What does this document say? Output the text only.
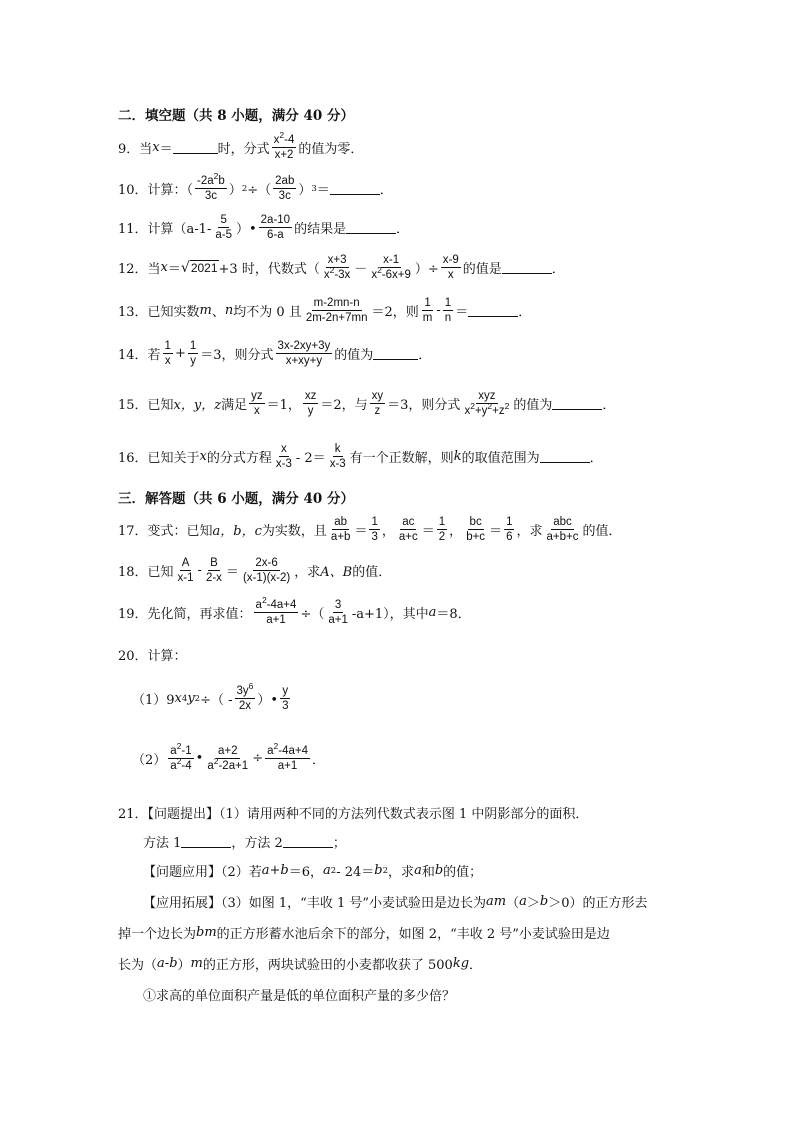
二．填空题（共 8 小题，满分 40 分）
9．当 x ＝	时，分式 $\frac{x^2-4}{x+2}$ 的值为零．
10．计算：（ $\frac{-2a^2b}{3c}$ ） 2 ÷（ $\frac{2ab}{3c}$ ） 3 ＝	．
11．计算（$a-1- \frac{5}{a-5}$ ）• $\frac{2a-10}{6-a}$ 的结果是	．
12．当 x ＝ √ 2021 +3 时，代数式（ $\frac{x+3}{x^2-3x} - \frac{x-1}{x^2-6x+9}$ ）÷ $\frac{x-9}{x}$ 的值是	．
13．已知实数 m 、 n 均不为 0 且 $\frac{m-2mn-n}{2m-2n+7mn} =2$，则 $\frac{1}{m} - \frac{1}{n}$ ＝	．
14．若 $\frac{1}{x} + \frac{1}{y} =3$，则分式 $\frac{3x-2xy+3y}{x+xy+y}$ 的值为	．
15．已知 x，y，z 满足 $\frac{yz}{x} =1$， $\frac{xz}{y} =2$，与 $\frac{xy}{z} =3$，则分式 $\frac{\text{xyz}}{x^2+y^2+z^2}$ 的值为	．
16．已知关于 x 的分式方程 $\frac{x}{x-3} - 2= \frac{k}{x-3}$ 有一个正数解，则 k 的取值范围为	．
三．解答题（共 6 小题，满分 40 分）
17．变式：已知 a，b，c 为实数，且 $\frac{ab}{a+b} = \frac{1}{3}$ ， $\frac{ac}{a+c} = \frac{1}{2}$ ， $\frac{bc}{b+c} = \frac{1}{6}$ ，求 $\frac{\text{abc}}{a+b+c}$ 的值．
18．已知 $\frac{A}{x-1} - \frac{B}{2-x} = \frac{2x-6}{(x-1)(x-2)}$ ，求 A、B 的值．
19．先化简，再求值： $\frac{a^2-4a+4}{a+1}$ ÷（ $\frac{3}{a+1} -a+1$），其中 a ＝8．
20．计算：
（1）9 x 4 y 2 ÷（ - $\frac{3y^6}{2x}$ ）• $\frac{y}{3}$
$(2) \frac{a^2-1}{a^2-4}$ • $\frac{a+2}{a^2-2a+1} \div \frac{a^2-4a+4}{a+1}$ ．
21．【问题提出】（1）请用两种不同的方法列代数式表示图 1 中阴影部分的面积．
方法 1	，方法 2	；
【问题应用】（2）若 a+b ＝6， a 2 - 24＝ b 2 ，求 a 和 b 的值；
【应用拓展】（3）如图 1，“丰收 1 号”小麦试验田是边长为 am （ a ＞ b ＞0）的正方形去
掉一个边长为 bm 的正方形蓄水池后余下的部分，如图 2，“丰收 2 号”小麦试验田是边
长为（ a - b ） m 的正方形，两块试验田的小麦都收获了 500 kg ．
①求高的单位面积产量是低的单位面积产量的多少倍？
